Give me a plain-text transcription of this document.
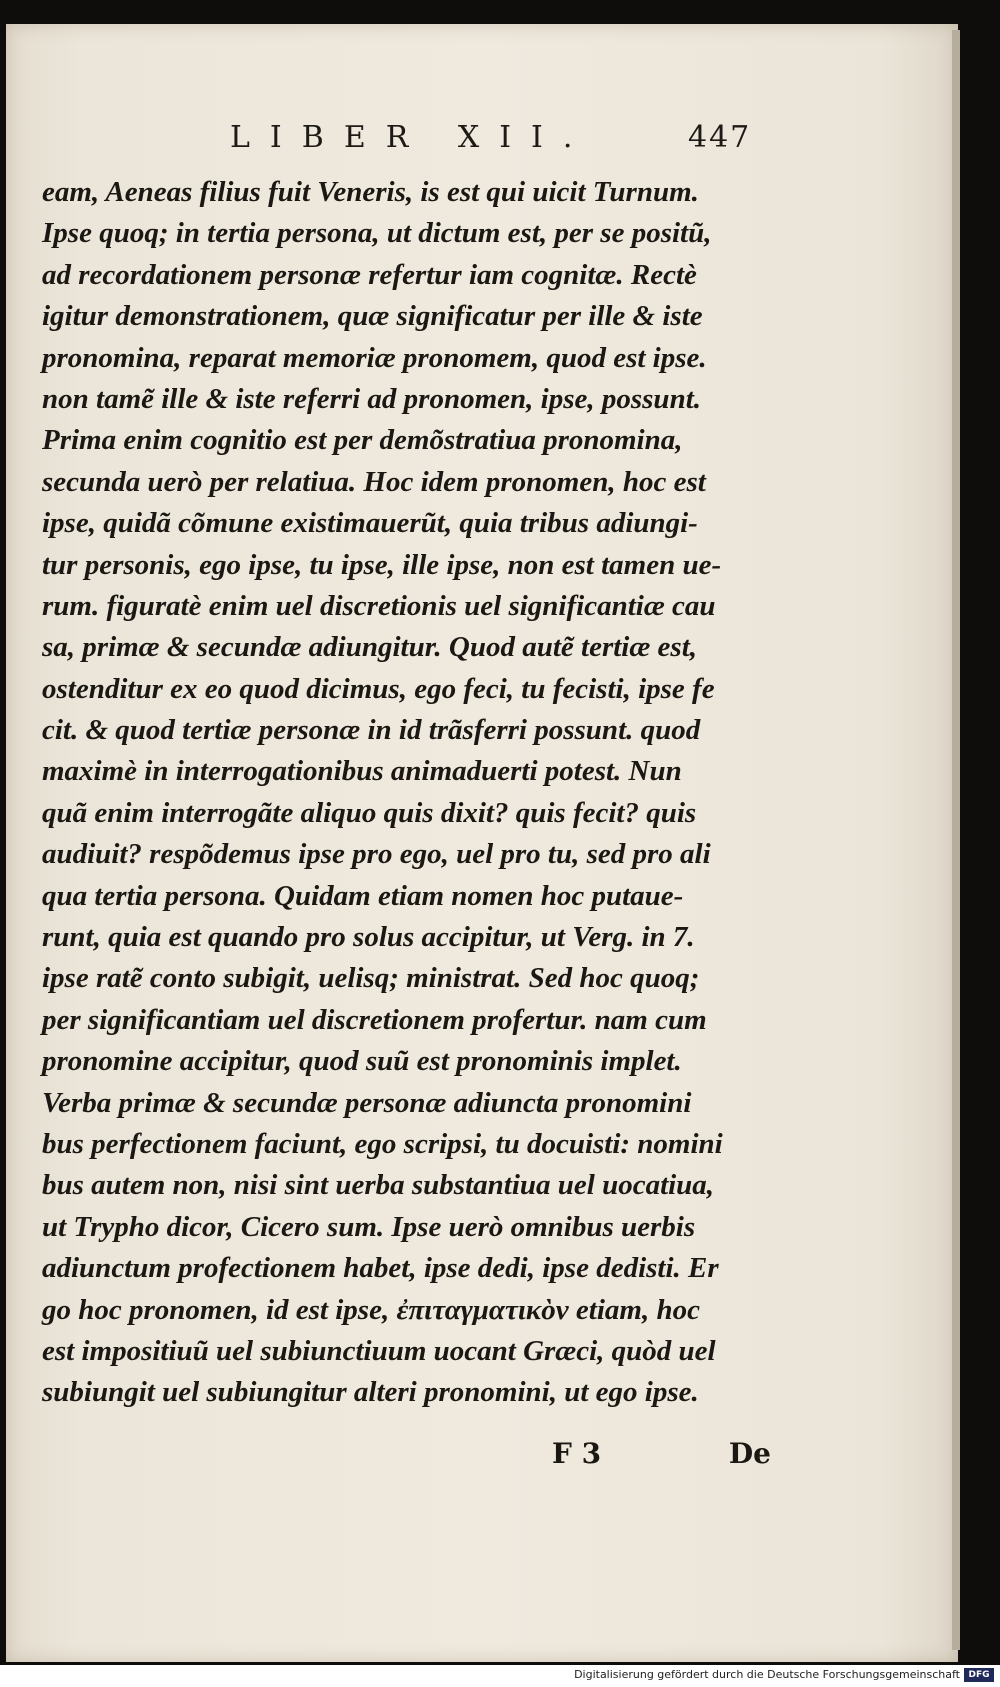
LIBER XII.	447
eam, Aeneas filius fuit Veneris, is est qui uicit Turnum.
Ipse quoq; in tertia persona, ut dictum est, per se positũ,
ad recordationem personæ refertur iam cognitæ. Rectè
igitur demonstrationem, quæ significatur per ille & iste
pronomina, reparat memoriæ pronomem, quod est ipse.
non tamẽ ille & iste referri ad pronomen, ipse, possunt.
Prima enim cognitio est per demõstratiua pronomina,
secunda uerò per relatiua. Hoc idem pronomen, hoc est
ipse, quidã cõmune existimauerũt, quia tribus adiungi-
tur personis, ego ipse, tu ipse, ille ipse, non est tamen ue-
rum. figuratè enim uel discretionis uel significantiæ cau
sa, primæ & secundæ adiungitur. Quod autẽ tertiæ est,
ostenditur ex eo quod dicimus, ego feci, tu fecisti, ipse fe
cit. & quod tertiæ personæ in id trãsferri possunt. quod
maximè in interrogationibus animaduerti potest. Nun
quã enim interrogãte aliquo quis dixit? quis fecit? quis
audiuit? respõdemus ipse pro ego, uel pro tu, sed pro ali
qua tertia persona. Quidam etiam nomen hoc putaue-
runt, quia est quando pro solus accipitur, ut Verg. in 7.
ipse ratẽ conto subigit, uelisq; ministrat. Sed hoc quoq;
per significantiam uel discretionem profertur. nam cum
pronomine accipitur, quod suũ est pronominis implet.
Verba primæ & secundæ personæ adiuncta pronomini
bus perfectionem faciunt, ego scripsi, tu docuisti: nomini
bus autem non, nisi sint uerba substantiua uel uocatiua,
ut Trypho dicor, Cicero sum. Ipse uerò omnibus uerbis
adiunctum profectionem habet, ipse dedi, ipse dedisti. Er
go hoc pronomen, id est ipse, ἐπιταγματικὸν etiam, hoc
est impositiuũ uel subiunctiuum uocant Græci, quòd uel
subiungit uel subiungitur alteri pronomini, ut ego ipse.
F 3	De
Digitalisierung gefördert durch die Deutsche Forschungsgemeinschaft DFG
